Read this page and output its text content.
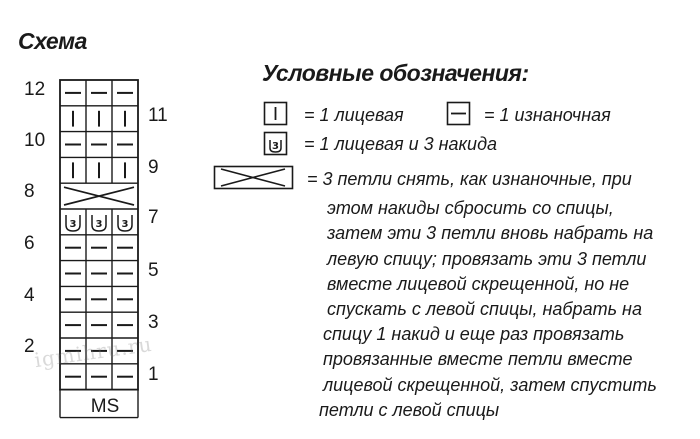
Схема
Условные обозначения:
12
10
8
6
4
2
11
9
7
5
3
1
3 3 3
MS
= 1 лицевая	= 1 изнаночная
3 = 1 лицевая и 3 накида
= 3 петли снять, как изнаночные, при
этом накиды сбросить со спицы,
затем эти 3 петли вновь набрать на
левую спицу; провязать эти 3 петли
вместе лицевой скрещенной, но не
спускать с левой спицы, набрать на
спицу 1 накид и еще раз провязать
провязанные вместе петли вместе
лицевой скрещенной, затем спустить
петли с левой спицы
igmihru.ru
